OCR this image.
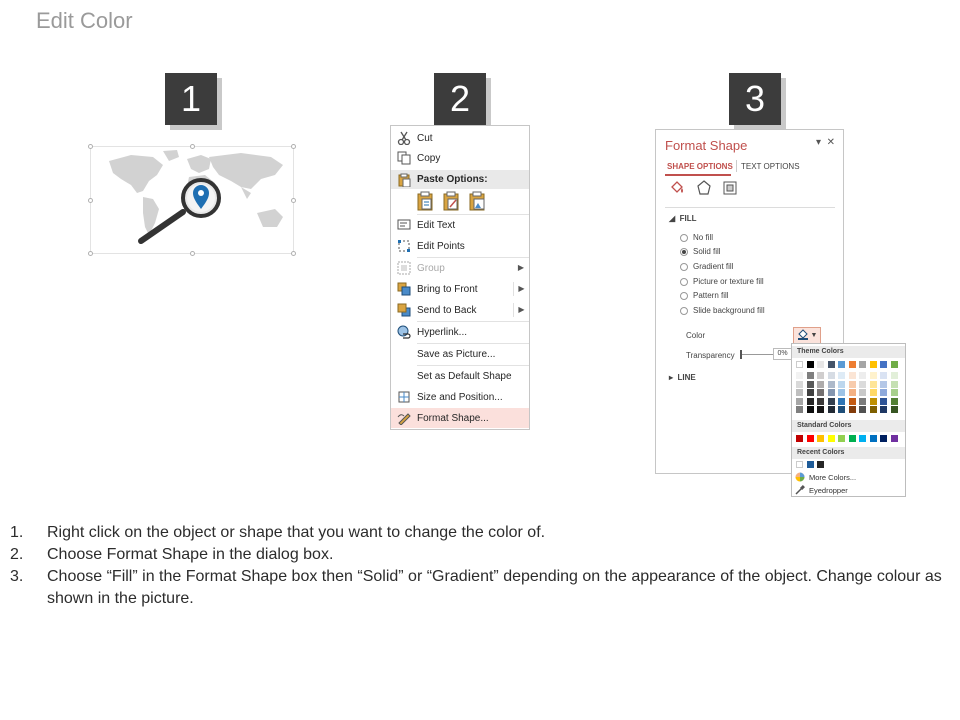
Edit Color
1	2	3
Cut
Copy
Paste Options:
Edit Text
Edit Points
Group	▶
Bring to Front	▶
Send to Back	▶
Hyperlink...
Save as Picture...
Set as Default Shape
Size and Position...
Format Shape...
Format Shape	▾ ✕
SHAPE OPTIONS TEXT OPTIONS
◢ FILL
No fill
Solid fill
Gradient fill
Picture or texture fill
Pattern fill
Slide background fill
Color	▼
Transparency	0%
▸ LINE
Theme Colors
Standard Colors
Recent Colors
More Colors...
Eyedropper
1.	Right click on the object or shape that you want to change the color of.
2.	Choose Format Shape in the dialog box.
3.	Choose “Fill” in the Format Shape box then “Solid” or “Gradient” depending on the appearance of the object. Change colour as shown in the picture.
